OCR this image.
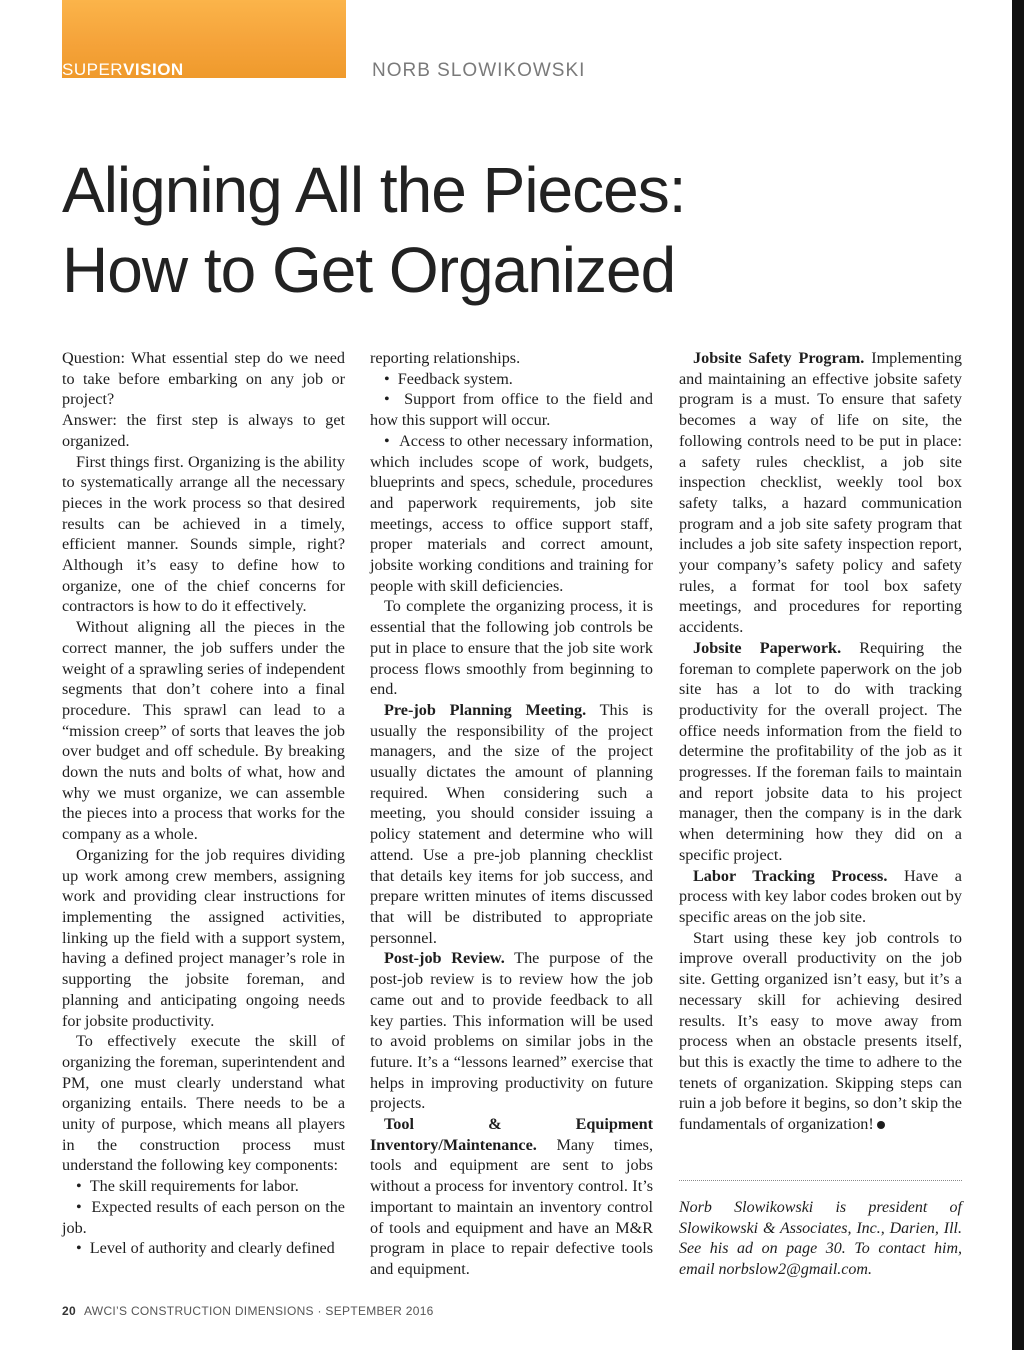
SUPERVISION	NORB SLOWIKOWSKI
Aligning All the Pieces:
How to Get Organized

Question: What essential step do we need to take before embarking on any job or project?

Answer: the first step is always to get organized.

First things first. Organizing is the ability to systematically arrange all the necessary pieces in the work process so that desired results can be achieved in a timely, efficient manner. Sounds simple, right? Although it’s easy to define how to organize, one of the chief concerns for contractors is how to do it effectively.

Without aligning all the pieces in the correct manner, the job suffers under the weight of a sprawling series of independent segments that don’t cohere into a final procedure. This sprawl can lead to a “mission creep” of sorts that leaves the job over budget and off schedule. By breaking down the nuts and bolts of what, how and why we must organize, we can assemble the pieces into a process that works for the company as a whole.

Organizing for the job requires dividing up work among crew members, assigning work and providing clear instructions for implementing the assigned activities, linking up the field with a support system, having a defined project manager’s role in supporting the jobsite foreman, and planning and anticipating ongoing needs for jobsite productivity.

To effectively execute the skill of organizing the foreman, superintendent and PM, one must clearly understand what organizing entails. There needs to be a unity of purpose, which means all players in the construction process must understand the following key components:

•  The skill requirements for labor.

•  Expected results of each person on the job.

•  Level of authority and clearly defined

reporting relationships.

•  Feedback system.

•  Support from office to the field and how this support will occur.

•  Access to other necessary information, which includes scope of work, budgets, blueprints and specs, schedule, procedures and paperwork requirements, job site meetings, access to office support staff, proper materials and correct amount, jobsite working conditions and training for people with skill deficiencies.

To complete the organizing process, it is essential that the following job controls be put in place to ensure that the job site work process flows smoothly from beginning to end.

Pre-job Planning Meeting. This is usually the responsibility of the project managers, and the size of the project usually dictates the amount of planning required. When considering such a meeting, you should consider issuing a policy statement and determine who will attend. Use a pre-job planning checklist that details key items for job success, and prepare written minutes of items discussed that will be distributed to appropriate personnel.

Post-job Review. The purpose of the post-job review is to review how the job came out and to provide feedback to all key parties. This information will be used to avoid problems on similar jobs in the future. It’s a “lessons learned” exercise that helps in improving productivity on future projects.

Tool & Equipment Inventory/Maintenance. Many times, tools and equipment are sent to jobs without a process for inventory control. It’s important to maintain an inventory control of tools and equipment and have an M&R program in place to repair defective tools and equipment.

Jobsite Safety Program. Implementing and maintaining an effective jobsite safety program is a must. To ensure that safety becomes a way of life on site, the following controls need to be put in place: a safety rules checklist, a job site inspection checklist, weekly tool box safety talks, a hazard communication program and a job site safety program that includes a job site safety inspection report, your company’s safety policy and safety rules, a format for tool box safety meetings, and procedures for reporting accidents.

Jobsite Paperwork. Requiring the foreman to complete paperwork on the job site has a lot to do with tracking productivity for the overall project. The office needs information from the field to determine the profitability of the job as it progresses. If the foreman fails to maintain and report jobsite data to his project manager, then the company is in the dark when determining how they did on a specific project.

Labor Tracking Process. Have a process with key labor codes broken out by specific areas on the job site.

Start using these key job controls to improve overall productivity on the job site. Getting organized isn’t easy, but it’s a necessary skill for achieving desired results. It’s easy to move away from process when an obstacle presents itself, but this is exactly the time to adhere to the tenets of organization. Skipping steps can ruin a job before it begins, so don’t skip the fundamentals of organization!

Norb Slowikowski is president of Slowikowski & Associates, Inc., Darien, Ill. See his ad on page 30. To contact him, email norbslow2@gmail.com.

20 AWCI’S CONSTRUCTION DIMENSIONS · SEPTEMBER 2016
